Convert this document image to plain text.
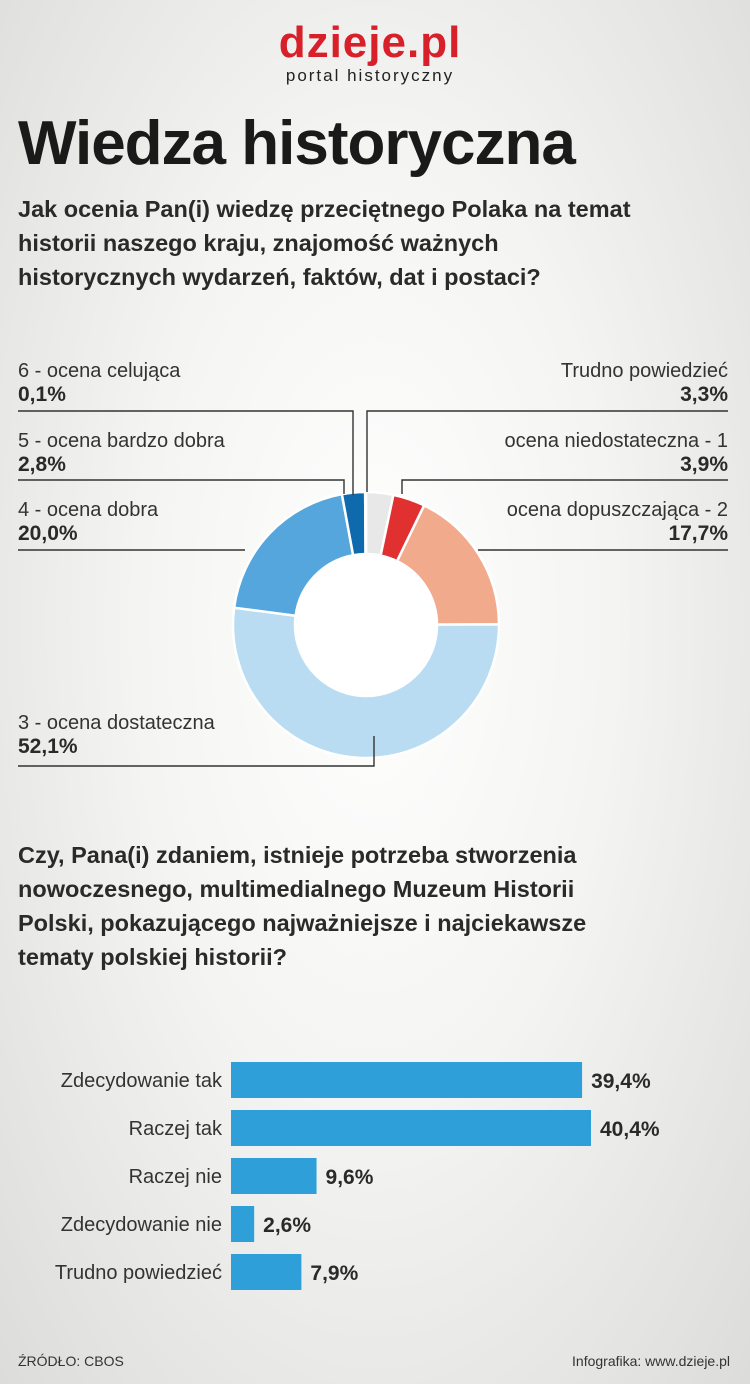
dzieje.pl
portal historyczny
Wiedza historyczna
Jak ocenia Pan(i) wiedzę przeciętnego Polaka na temat
historii naszego kraju, znajomość ważnych
historycznych wydarzeń, faktów, dat i postaci?
6 - ocena celująca
0,1%
5 - ocena bardzo dobra
2,8%
4 - ocena dobra
20,0%
3 - ocena dostateczna
52,1%
Trudno powiedzieć
3,3%
ocena niedostateczna - 1
3,9%
ocena dopuszczająca - 2
17,7%
Czy, Pana(i) zdaniem, istnieje potrzeba stworzenia
nowoczesnego, multimedialnego Muzeum Historii
Polski, pokazującego najważniejsze i najciekawsze
tematy polskiej historii?
Zdecydowanie tak	39,4%
Raczej tak	40,4%
Raczej nie	9,6%
Zdecydowanie nie 2,6%
Trudno powiedzieć	7,9%
ŹRÓDŁO: CBOS	Infografika: www.dzieje.pl
